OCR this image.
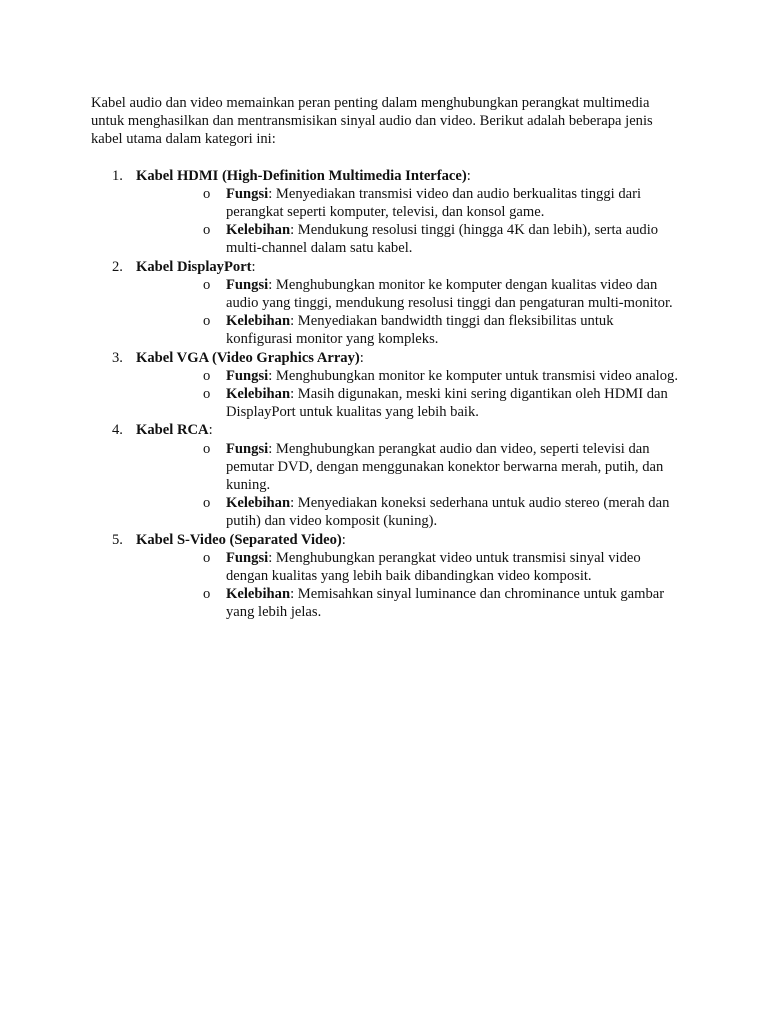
Kabel audio dan video memainkan peran penting dalam menghubungkan perangkat multimedia untuk menghasilkan dan mentransmisikan sinyal audio dan video. Berikut adalah beberapa jenis kabel utama dalam kategori ini:

1. Kabel HDMI (High-Definition Multimedia Interface):
o Fungsi: Menyediakan transmisi video dan audio berkualitas tinggi dari perangkat seperti komputer, televisi, dan konsol game.
o Kelebihan: Mendukung resolusi tinggi (hingga 4K dan lebih), serta audio multi-channel dalam satu kabel.
2. Kabel DisplayPort:
o Fungsi: Menghubungkan monitor ke komputer dengan kualitas video dan audio yang tinggi, mendukung resolusi tinggi dan pengaturan multi-monitor.
o Kelebihan: Menyediakan bandwidth tinggi dan fleksibilitas untuk konfigurasi monitor yang kompleks.
3. Kabel VGA (Video Graphics Array):
o Fungsi: Menghubungkan monitor ke komputer untuk transmisi video analog.
o Kelebihan: Masih digunakan, meski kini sering digantikan oleh HDMI dan DisplayPort untuk kualitas yang lebih baik.
4. Kabel RCA:
o Fungsi: Menghubungkan perangkat audio dan video, seperti televisi dan pemutar DVD, dengan menggunakan konektor berwarna merah, putih, dan kuning.
o Kelebihan: Menyediakan koneksi sederhana untuk audio stereo (merah dan putih) dan video komposit (kuning).
5. Kabel S-Video (Separated Video):
o Fungsi: Menghubungkan perangkat video untuk transmisi sinyal video dengan kualitas yang lebih baik dibandingkan video komposit.
o Kelebihan: Memisahkan sinyal luminance dan chrominance untuk gambar yang lebih jelas.
